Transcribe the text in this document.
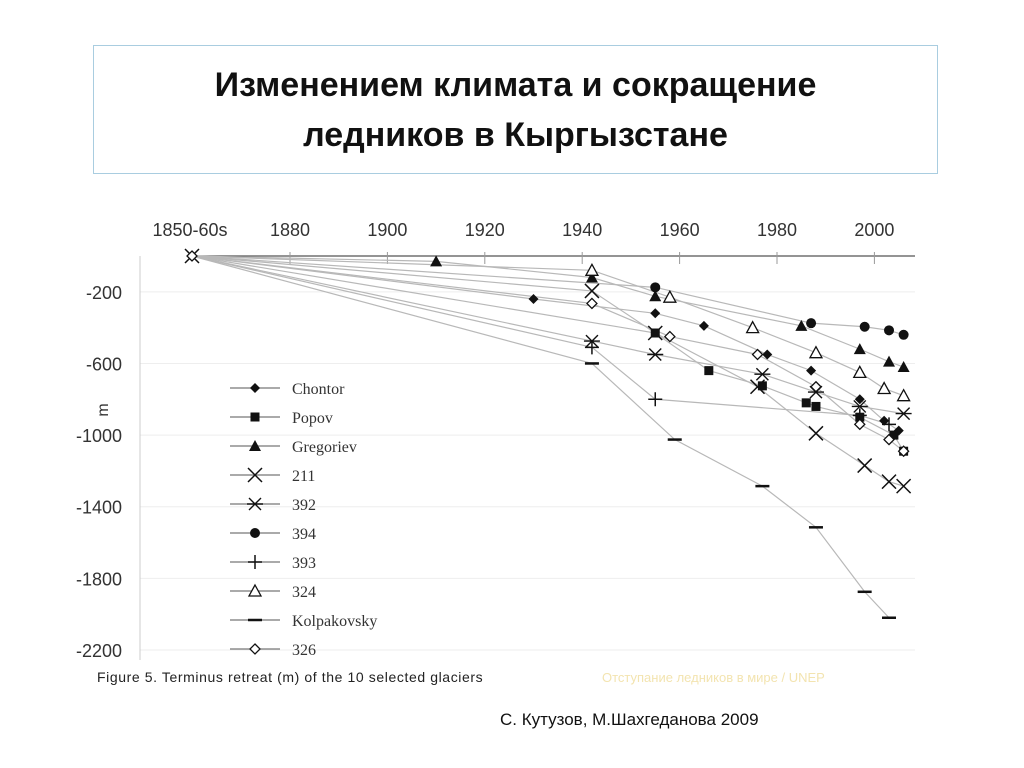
Изменением климата и сокращение
ледников в Кыргызстане
Chontor
Popov
Gregoriev
211
392
394
393
324
Kolpakovsky
326
1850-60s 1880	1900	1920	1940	1960	1980	2000
-200
-600
-1000
-1400
-1800
-2200
m
Figure 5. Terminus retreat (m) of the 10 selected glaciers	Отступание ледников в мире / UNEP
С. Кутузов, М.Шахгеданова 2009
